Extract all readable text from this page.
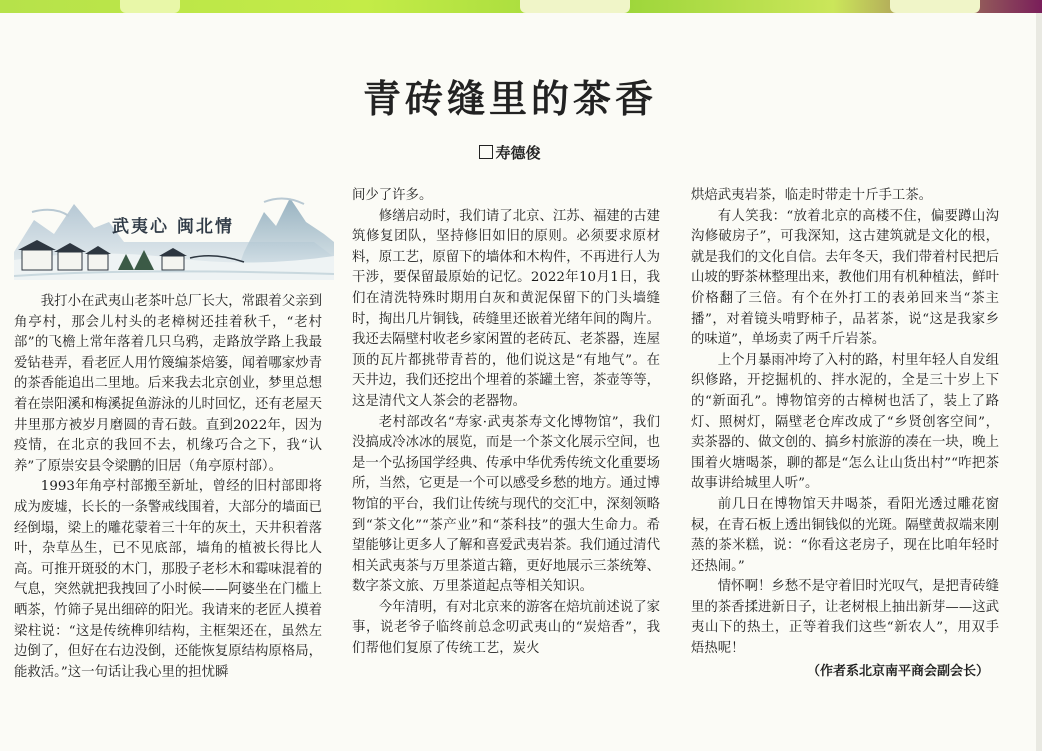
青砖缝里的茶香
寿德俊
武夷心 闽北情

我打小在武夷山老茶叶总厂长大，常跟着父亲到角亭村，那会儿村头的老樟树还挂着秋千，“老村部”的飞檐上常年落着几只乌鸦，走路放学路上我最爱钻巷弄，看老匠人用竹篾编茶焙篓，闻着哪家炒青的茶香能追出二里地。后来我去北京创业，梦里总想着在崇阳溪和梅溪捉鱼游泳的儿时回忆，还有老屋天井里那方被岁月磨圆的青石鼓。直到2022年，因为疫情，在北京的我回不去，机缘巧合之下，我“认养”了原崇安县令梁鹏的旧居（角亭原村部）。

1993年角亭村部搬至新址，曾经的旧村部即将成为废墟，长长的一条警戒线围着，大部分的墙面已经倒塌，梁上的雕花蒙着三十年的灰土，天井积着落叶，杂草丛生，已不见底部，墙角的植被长得比人高。可推开斑驳的木门，那股子老杉木和霉味混着的气息，突然就把我拽回了小时候——阿婆坐在门槛上晒茶，竹筛子晃出细碎的阳光。我请来的老匠人摸着梁柱说：“这是传统榫卯结构，主框架还在，虽然左边倒了，但好在右边没倒，还能恢复原结构原格局，能救活。”这一句话让我心里的担忧瞬

间少了许多。

修缮启动时，我们请了北京、江苏、福建的古建筑修复团队，坚持修旧如旧的原则。必须要求原材料，原工艺，原留下的墙体和木构件，不再进行人为干涉，要保留最原始的记忆。2022年10月1日，我们在清洗特殊时期用白灰和黄泥保留下的门头墙缝时，掏出几片铜钱，砖缝里还嵌着光绪年间的陶片。我还去隔壁村收老乡家闲置的老砖瓦、老茶器，连屋顶的瓦片都挑带青苔的，他们说这是“有地气”。在天井边，我们还挖出个埋着的茶罐土窖，茶壶等等，这是清代文人茶会的老器物。

老村部改名“寿家·武夷茶寿文化博物馆”，我们没搞成冷冰冰的展览，而是一个茶文化展示空间，也是一个弘扬国学经典、传承中华优秀传统文化重要场所，当然，它更是一个可以感受乡愁的地方。通过博物馆的平台，我们让传统与现代的交汇中，深刻领略到“茶文化”“茶产业”和“茶科技”的强大生命力。希望能够让更多人了解和喜爱武夷岩茶。我们通过清代相关武夷茶与万里茶道古籍，更好地展示三茶统筹、数字茶文旅、万里茶道起点等相关知识。

今年清明，有对北京来的游客在焙坑前述说了家事，说老爷子临终前总念叨武夷山的“炭焙香”，我们帮他们复原了传统工艺，炭火

烘焙武夷岩茶，临走时带走十斤手工茶。

有人笑我：“放着北京的高楼不住，偏要蹲山沟沟修破房子”，可我深知，这古建筑就是文化的根，就是我们的文化自信。去年冬天，我们带着村民把后山坡的野茶林整理出来，教他们用有机种植法，鲜叶价格翻了三倍。有个在外打工的表弟回来当“茶主播”，对着镜头啃野柿子，品茗茶，说“这是我家乡的味道”，单场卖了两千斤岩茶。

上个月暴雨冲垮了入村的路，村里年轻人自发组织修路，开挖掘机的、拌水泥的，全是三十岁上下的“新面孔”。博物馆旁的古樟树也活了，装上了路灯、照树灯，隔壁老仓库改成了“乡贤创客空间”，卖茶器的、做文创的、搞乡村旅游的凑在一块，晚上围着火塘喝茶，聊的都是“怎么让山货出村”“咋把茶故事讲给城里人听”。

前几日在博物馆天井喝茶，看阳光透过雕花窗棂，在青石板上透出铜钱似的光斑。隔壁黄叔端来刚蒸的茶米糕，说：“你看这老房子，现在比咱年轻时还热闹。”

情怀啊！乡愁不是守着旧时光叹气，是把青砖缝里的茶香揉进新日子，让老树根上抽出新芽——这武夷山下的热土，正等着我们这些“新农人”，用双手焐热呢！

（作者系北京南平商会副会长）
